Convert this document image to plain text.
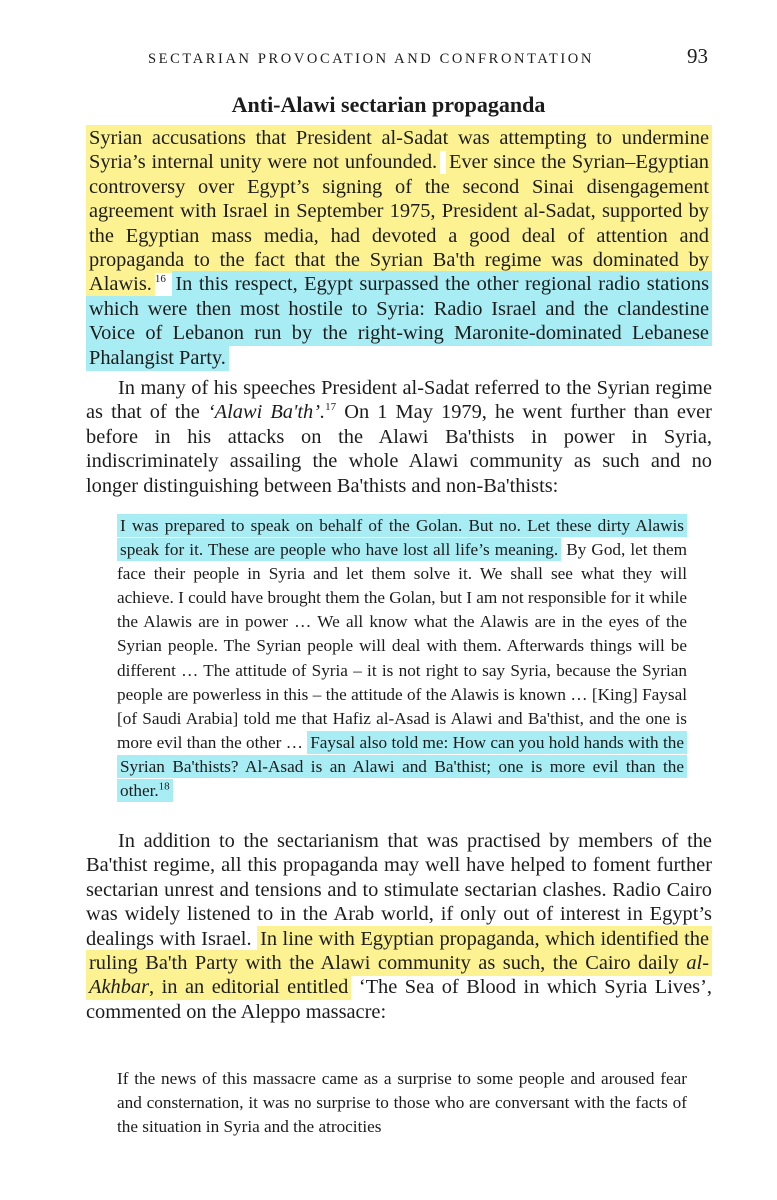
SECTARIAN PROVOCATION AND CONFRONTATION	93
Anti-Alawi sectarian propaganda
Syrian accusations that President al-Sadat was attempting to undermine Syria’s internal unity were not unfounded. Ever since the Syrian–Egyptian controversy over Egypt’s signing of the second Sinai disengagement agreement with Israel in September 1975, President al-Sadat, supported by the Egyptian mass media, had devoted a good deal of attention and propaganda to the fact that the Syrian Ba'th regime was dominated by Alawis. $^{16}$ In this respect, Egypt surpassed the other regional radio stations which were then most hostile to Syria: Radio Israel and the clandestine Voice of Lebanon run by the right-wing Maronite-dominated Lebanese Phalangist Party.
In many of his speeches President al-Sadat referred to the Syrian regime as that of the ‘Alawi Ba'th’.$^{17}$ On 1 May 1979, he went further than ever before in his attacks on the Alawi Ba'thists in power in Syria, indiscriminately assailing the whole Alawi community as such and no longer distinguishing between Ba'thists and non-Ba'thists:
I was prepared to speak on behalf of the Golan. But no. Let these dirty Alawis speak for it. These are people who have lost all life’s meaning. By God, let them face their people in Syria and let them solve it. We shall see what they will achieve. I could have brought them the Golan, but I am not responsible for it while the Alawis are in power … We all know what the Alawis are in the eyes of the Syrian people. The Syrian people will deal with them. Afterwards things will be different … The attitude of Syria – it is not right to say Syria, because the Syrian people are powerless in this – the attitude of the Alawis is known … [King] Faysal [of Saudi Arabia] told me that Hafiz al-Asad is Alawi and Ba'thist, and the one is more evil than the other … Faysal also told me: How can you hold hands with the Syrian Ba'thists? Al-Asad is an Alawi and Ba'thist; one is more evil than the other.$^{18}$
In addition to the sectarianism that was practised by members of the Ba'thist regime, all this propaganda may well have helped to foment further sectarian unrest and tensions and to stimulate sectarian clashes. Radio Cairo was widely listened to in the Arab world, if only out of interest in Egypt’s dealings with Israel. In line with Egyptian propaganda, which identified the ruling Ba'th Party with the Alawi community as such, the Cairo daily al-Akhbar, in an editorial entitled ‘The Sea of Blood in which Syria Lives’, commented on the Aleppo massacre:
If the news of this massacre came as a surprise to some people and aroused fear and consternation, it was no surprise to those who are conversant with the facts of the situation in Syria and the atrocities
